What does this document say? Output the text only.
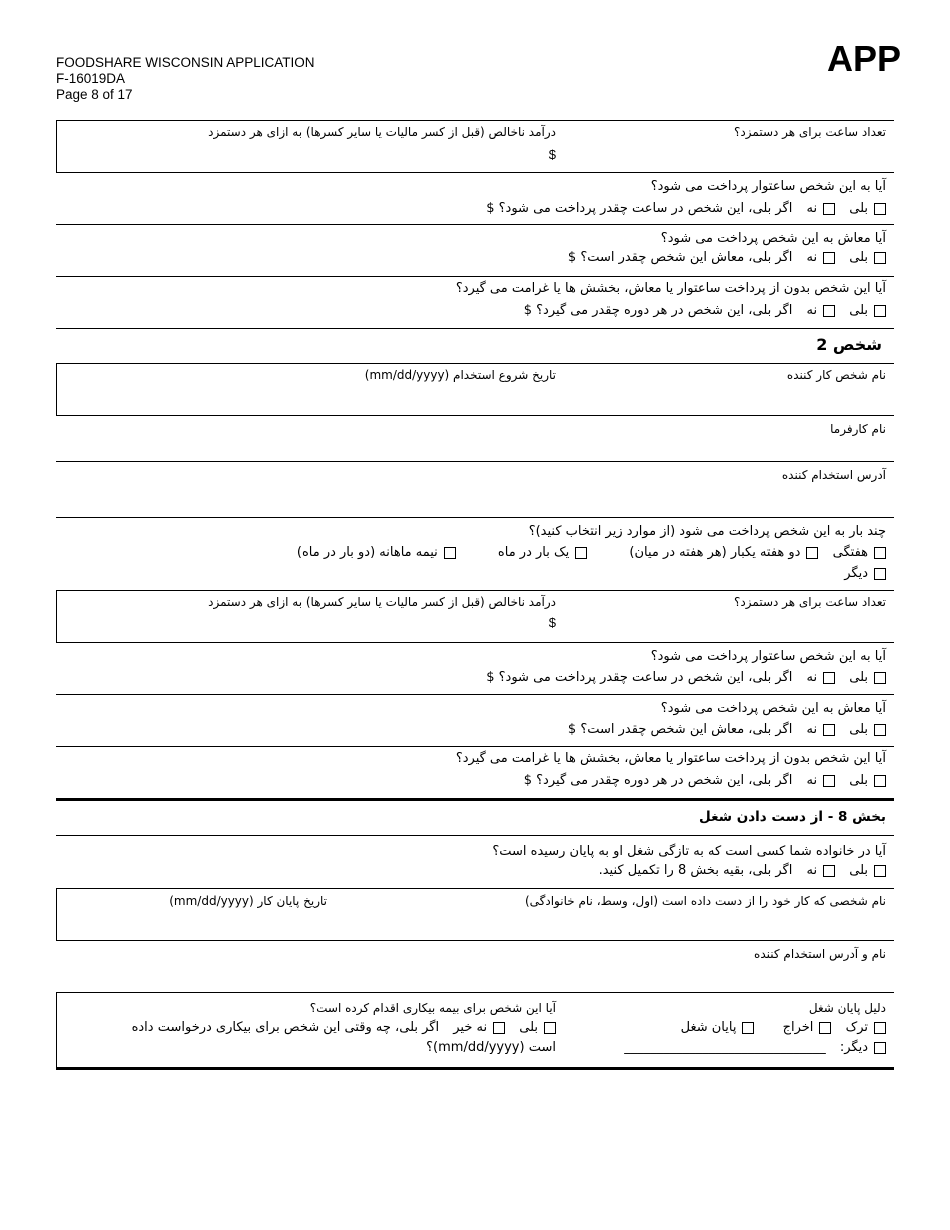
FOODSHARE WISCONSIN APPLICATION
F-16019DA
Page 8 of 17
APP
تعداد ساعت برای هر دستمزد؟
درآمد ناخالص (قبل از کسر مالیات یا سایر کسرها) به ازای هر دستمزد
$
آیا به این شخص ساعتوار پرداخت می شود؟
بلی نه اگر بلی، این شخص در ساعت چقدر پرداخت می شود؟ $
آیا معاش به این شخص پرداخت می شود؟
بلی نه اگر بلی، معاش این شخص چقدر است؟ $
آیا این شخص بدون از پرداخت ساعتوار یا معاش، بخشش ها یا غرامت می گیرد؟
بلی نه اگر بلی، این شخص در هر دوره چقدر می گیرد؟ $
شخص 2
نام شخص کار کننده
تاریخ شروع استخدام (mm/dd/yyyy)
نام کارفرما
آدرس استخدام کننده
چند بار به این شخص پرداخت می شود (از موارد زیر انتخاب کنید)؟
هفتگی دو هفته یکبار (هر هفته در میان) یک بار در ماه نیمه ماهانه (دو بار در ماه)
دیگر
تعداد ساعت برای هر دستمزد؟
درآمد ناخالص (قبل از کسر مالیات یا سایر کسرها) به ازای هر دستمزد
$
آیا به این شخص ساعتوار پرداخت می شود؟
بلی نه اگر بلی، این شخص در ساعت چقدر پرداخت می شود؟ $
آیا معاش به این شخص پرداخت می شود؟
بلی نه اگر بلی، معاش این شخص چقدر است؟ $
آیا این شخص بدون از پرداخت ساعتوار یا معاش، بخشش ها یا غرامت می گیرد؟
بلی نه اگر بلی، این شخص در هر دوره چقدر می گیرد؟ $
بخش 8 - از دست دادن شغل
آیا در خانواده شما کسی است که به تازگی شغل او به پایان رسیده است؟
بلی نه اگر بلی، بقیه بخش 8 را تکمیل کنید.
نام شخصی که کار خود را از دست داده است (اول، وسط، نام خانوادگی)
تاریخ پایان کار (mm/dd/yyyy)
نام و آدرس استخدام کننده
دلیل پایان شغل
ترک اخراج پایان شغل
دیگر: _______________________________
آیا این شخص برای بیمه بیکاری اقدام کرده است؟
بلی نه خیر اگر بلی، چه وقتی این شخص برای بیکاری درخواست داده
است (mm/dd/yyyy)؟
